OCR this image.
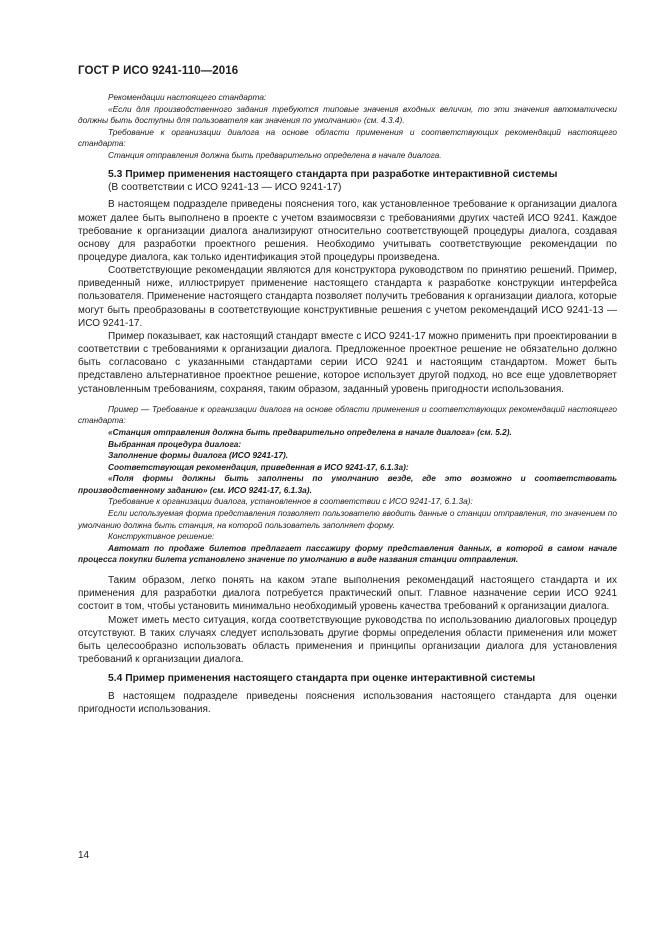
ГОСТ Р ИСО 9241-110—2016

Рекомендации настоящего стандарта:

«Если для производственного задания требуются типовые значения входных величин, то эти значения автоматически должны быть доступны для пользователя как значения по умолчанию» (см. 4.3.4).

Требование к организации диалога на основе области применения и соответствующих рекомендаций настоящего стандарта:

Станция отправления должна быть предварительно определена в начале диалога.

5.3 Пример применения настоящего стандарта при разработке интерактивной системы
(В соответствии с ИСО 9241-13 — ИСО 9241-17)

В настоящем подразделе приведены пояснения того, как установленное требование к организации диалога может далее быть выполнено в проекте с учетом взаимосвязи с требованиями других частей ИСО 9241. Каждое требование к организации диалога анализируют относительно соответствующей процедуры диалога, создавая основу для разработки проектного решения. Необходимо учитывать соответствующие рекомендации по процедуре диалога, как только идентификация этой процедуры произведена.

Соответствующие рекомендации являются для конструктора руководством по принятию решений. Пример, приведенный ниже, иллюстрирует применение настоящего стандарта к разработке конструкции интерфейса пользователя. Применение настоящего стандарта позволяет получить требования к организации диалога, которые могут быть преобразованы в соответствующие конструктивные решения с учетом рекомендаций ИСО 9241-13 — ИСО 9241-17.

Пример показывает, как настоящий стандарт вместе с ИСО 9241-17 можно применить при проектировании в соответствии с требованиями к организации диалога. Предложенное проектное решение не обязательно должно быть согласовано с указанными стандартами серии ИСО 9241 и настоящим стандартом. Может быть представлено альтернативное проектное решение, которое использует другой подход, но все еще удовлетворяет установленным требованиям, сохраняя, таким образом, заданный уровень пригодности использования.

Пример — Требование к организации диалога на основе области применения и соответствующих рекомендаций настоящего стандарта:

«Станция отправления должна быть предварительно определена в начале диалога» (см. 5.2).

Выбранная процедура диалога:

Заполнение формы диалога (ИСО 9241-17).

Соответствующая рекомендация, приведенная в ИСО 9241-17, 6.1.3а):

«Поля формы должны быть заполнены по умолчанию везде, где это возможно и соответствовать производственному заданию» (см. ИСО 9241-17, 6.1.3а).

Требование к организации диалога, установленное в соответствии с ИСО 9241-17, 6.1.3а):

Если используемая форма представления позволяет пользователю вводить данные о станции отправления, то значением по умолчанию должна быть станция, на которой пользователь заполняет форму.

Конструктивное решение:

Автомат по продаже билетов предлагает пассажиру форму представления данных, в которой в самом начале процесса покупки билета установлено значение по умолчанию в виде названия станции отправления.

Таким образом, легко понять на каком этапе выполнения рекомендаций настоящего стандарта и их применения для разработки диалога потребуется практический опыт. Главное назначение серии ИСО 9241 состоит в том, чтобы установить минимально необходимый уровень качества требований к организации диалога.

Может иметь место ситуация, когда соответствующие руководства по использованию диалоговых процедур отсутствуют. В таких случаях следует использовать другие формы определения области применения или может быть целесообразно использовать область применения и принципы организации диалога для установления требований к организации диалога.

5.4 Пример применения настоящего стандарта при оценке интерактивной системы

В настоящем подразделе приведены пояснения использования настоящего стандарта для оценки пригодности использования.

14
